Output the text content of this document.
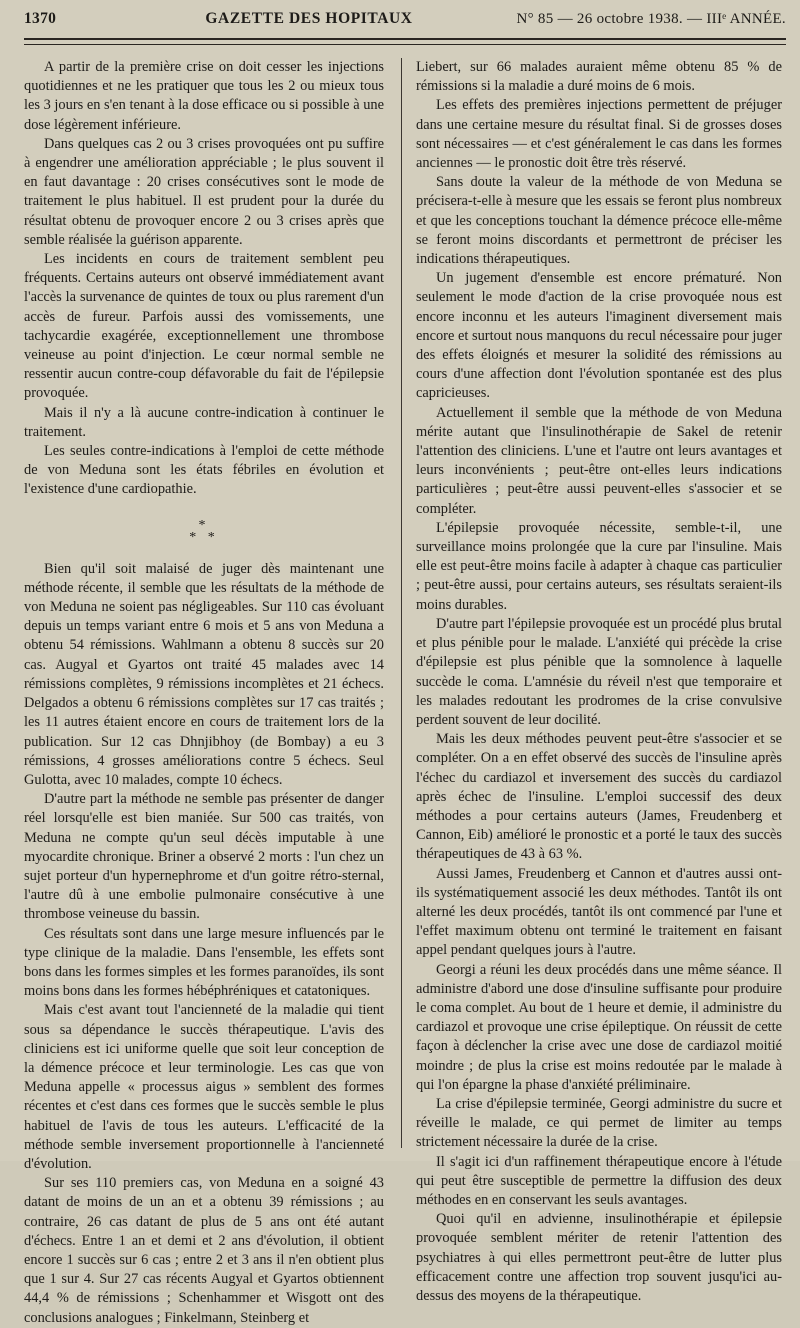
1370	GAZETTE DES HOPITAUX	N° 85 — 26 octobre 1938. — IIIᵉ ANNÉE.

A partir de la première crise on doit cesser les injections quotidiennes et ne les pratiquer que tous les 2 ou mieux tous les 3 jours en s'en tenant à la dose efficace ou si possible à une dose légèrement inférieure.

Dans quelques cas 2 ou 3 crises provoquées ont pu suffire à engendrer une amélioration appréciable ; le plus souvent il en faut davantage : 20 crises consécutives sont le mode de traitement le plus habituel. Il est prudent pour la durée du résultat obtenu de provoquer encore 2 ou 3 crises après que semble réalisée la guérison apparente.

Les incidents en cours de traitement semblent peu fréquents. Certains auteurs ont observé immédiatement avant l'accès la survenance de quintes de toux ou plus rarement d'un accès de fureur. Parfois aussi des vomissements, une tachycardie exagérée, exceptionnellement une thrombose veineuse au point d'injection. Le cœur normal semble ne ressentir aucun contre-coup défavorable du fait de l'épilepsie provoquée.

Mais il n'y a là aucune contre-indication à continuer le traitement.

Les seules contre-indications à l'emploi de cette méthode de von Meduna sont les états fébriles en évolution et l'existence d'une cardiopathie.

*
* *

Bien qu'il soit malaisé de juger dès maintenant une méthode récente, il semble que les résultats de la méthode de von Meduna ne soient pas négligeables. Sur 110 cas évoluant depuis un temps variant entre 6 mois et 5 ans von Meduna a obtenu 54 rémissions. Wahlmann a obtenu 8 succès sur 20 cas. Augyal et Gyartos ont traité 45 malades avec 14 rémissions complètes, 9 rémissions incomplètes et 21 échecs. Delgados a obtenu 6 rémissions complètes sur 17 cas traités ; les 11 autres étaient encore en cours de traitement lors de la publication. Sur 12 cas Dhnjibhoy (de Bombay) a eu 3 rémissions, 4 grosses améliorations contre 5 échecs. Seul Gulotta, avec 10 malades, compte 10 échecs.

D'autre part la méthode ne semble pas présenter de danger réel lorsqu'elle est bien maniée. Sur 500 cas traités, von Meduna ne compte qu'un seul décès imputable à une myocardite chronique. Briner a observé 2 morts : l'un chez un sujet porteur d'un hypernephrome et d'un goitre rétro-sternal, l'autre dû à une embolie pulmonaire consécutive à une thrombose veineuse du bassin.

Ces résultats sont dans une large mesure influencés par le type clinique de la maladie. Dans l'ensemble, les effets sont bons dans les formes simples et les formes paranoïdes, ils sont moins bons dans les formes hébéphréniques et catatoniques.

Mais c'est avant tout l'ancienneté de la maladie qui tient sous sa dépendance le succès thérapeutique. L'avis des cliniciens est ici uniforme quelle que soit leur conception de la démence précoce et leur terminologie. Les cas que von Meduna appelle « processus aigus » semblent des formes récentes et c'est dans ces formes que le succès semble le plus habituel de l'avis de tous les auteurs. L'efficacité de la méthode semble inversement proportionnelle à l'ancienneté d'évolution.

Sur ses 110 premiers cas, von Meduna en a soigné 43 datant de moins de un an et a obtenu 39 rémissions ; au contraire, 26 cas datant de plus de 5 ans ont été autant d'échecs. Entre 1 an et demi et 2 ans d'évolution, il obtient encore 1 succès sur 6 cas ; entre 2 et 3 ans il n'en obtient plus que 1 sur 4. Sur 27 cas récents Augyal et Gyartos obtiennent 44,4 % de rémissions ; Schenhammer et Wisgott ont des conclusions analogues ; Finkelmann, Steinberg et

Liebert, sur 66 malades auraient même obtenu 85 % de rémissions si la maladie a duré moins de 6 mois.

Les effets des premières injections permettent de préjuger dans une certaine mesure du résultat final. Si de grosses doses sont nécessaires — et c'est généralement le cas dans les formes anciennes — le pronostic doit être très réservé.

Sans doute la valeur de la méthode de von Meduna se précisera-t-elle à mesure que les essais se feront plus nombreux et que les conceptions touchant la démence précoce elle-même se feront moins discordants et permettront de préciser les indications thérapeutiques.

Un jugement d'ensemble est encore prématuré. Non seulement le mode d'action de la crise provoquée nous est encore inconnu et les auteurs l'imaginent diversement mais encore et surtout nous manquons du recul nécessaire pour juger des effets éloignés et mesurer la solidité des rémissions au cours d'une affection dont l'évolution spontanée est des plus capricieuses.

Actuellement il semble que la méthode de von Meduna mérite autant que l'insulinothérapie de Sakel de retenir l'attention des cliniciens. L'une et l'autre ont leurs avantages et leurs inconvénients ; peut-être ont-elles leurs indications particulières ; peut-être aussi peuvent-elles s'associer et se compléter.

L'épilepsie provoquée nécessite, semble-t-il, une surveillance moins prolongée que la cure par l'insuline. Mais elle est peut-être moins facile à adapter à chaque cas particulier ; peut-être aussi, pour certains auteurs, ses résultats seraient-ils moins durables.

D'autre part l'épilepsie provoquée est un procédé plus brutal et plus pénible pour le malade. L'anxiété qui précède la crise d'épilepsie est plus pénible que la somnolence à laquelle succède le coma. L'amnésie du réveil n'est que temporaire et les malades redoutant les prodromes de la crise convulsive perdent souvent de leur docilité.

Mais les deux méthodes peuvent peut-être s'associer et se compléter. On a en effet observé des succès de l'insuline après l'échec du cardiazol et inversement des succès du cardiazol après échec de l'insuline. L'emploi successif des deux méthodes a pour certains auteurs (James, Freudenberg et Cannon, Eib) amélioré le pronostic et a porté le taux des succès thérapeutiques de 43 à 63 %.

Aussi James, Freudenberg et Cannon et d'autres aussi ont-ils systématiquement associé les deux méthodes. Tantôt ils ont alterné les deux procédés, tantôt ils ont commencé par l'une et l'effet maximum obtenu ont terminé le traitement en faisant appel pendant quelques jours à l'autre.

Georgi a réuni les deux procédés dans une même séance. Il administre d'abord une dose d'insuline suffisante pour produire le coma complet. Au bout de 1 heure et demie, il administre du cardiazol et provoque une crise épileptique. On réussit de cette façon à déclencher la crise avec une dose de cardiazol moitié moindre ; de plus la crise est moins redoutée par le malade à qui l'on épargne la phase d'anxiété préliminaire.

La crise d'épilepsie terminée, Georgi administre du sucre et réveille le malade, ce qui permet de limiter au temps strictement nécessaire la durée de la crise.

Il s'agit ici d'un raffinement thérapeutique encore à l'étude qui peut être susceptible de permettre la diffusion des deux méthodes en en conservant les seuls avantages.

Quoi qu'il en advienne, insulinothérapie et épilepsie provoquée semblent mériter de retenir l'attention des psychiatres à qui elles permettront peut-être de lutter plus efficacement contre une affection trop souvent jusqu'ici au-dessus des moyens de la thérapeutique.
